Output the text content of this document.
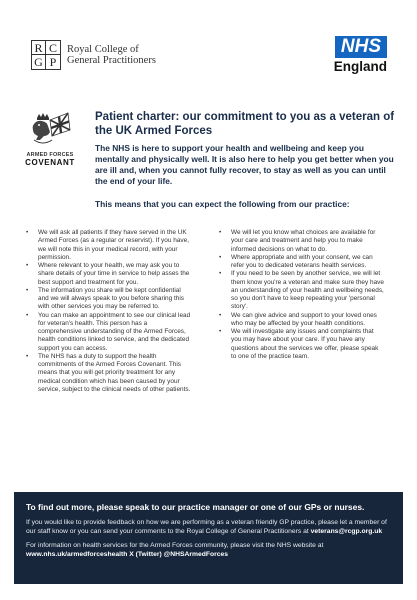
R C
G P
Royal College of
General Practitioners
NHS
England
ARMED FORCES
COVENANT
Patient charter: our commitment to you as a veteran of the UK Armed Forces
The NHS is here to support your health and wellbeing and keep you mentally and physically well. It is also here to help you get better when you are ill and, when you cannot fully recover, to stay as well as you can until the end of your life.
This means that you can expect the following from our practice:
• We will ask all patients if they have served in the UK Armed Forces (as a regular or reservist). If you have, we will note this in your medical record, with your permission.
• Where relevant to your health, we may ask you to share details of your time in service to help asses the best support and treatment for you.
• The information you share will be kept confidential and we will always speak to you before sharing this with other services you may be referred to.
• You can make an appointment to see our clinical lead for veteran's health. This person has a comprehensive understanding of the Armed Forces, health conditions linked to service, and the dedicated support you can access.
• The NHS has a duty to support the health commitments of the Armed Forces Covenant. This means that you will get priority treatment for any medical condition which has been caused by your service, subject to the clinical needs of other patients.
• We will let you know what choices are available for your care and treatment and help you to make informed decisions on what to do.
• Where appropriate and with your consent, we can refer you to dedicated veterans health services.
• If you need to be seen by another service, we will let them know you're a veteran and make sure they have an understanding of your health and wellbeing needs, so you don't have to keep repeating your 'personal story'.
• We can give advice and support to your loved ones who may be affected by your health conditions.
• We will investigate any issues and complaints that you may have about your care. If you have any questions about the services we offer, please speak to one of the practice team.
To find out more, please speak to our practice manager or one of our GPs or nurses.
If you would like to provide feedback on how we are performing as a veteran friendly GP practice, please let a member of our staff know or you can send your comments to the Royal College of General Practitioners at veterans@rcgp.org.uk
For information on health services for the Armed Forces community, please visit the NHS website at www.nhs.uk/armedforceshealth X (Twitter) @NHSArmedForces
